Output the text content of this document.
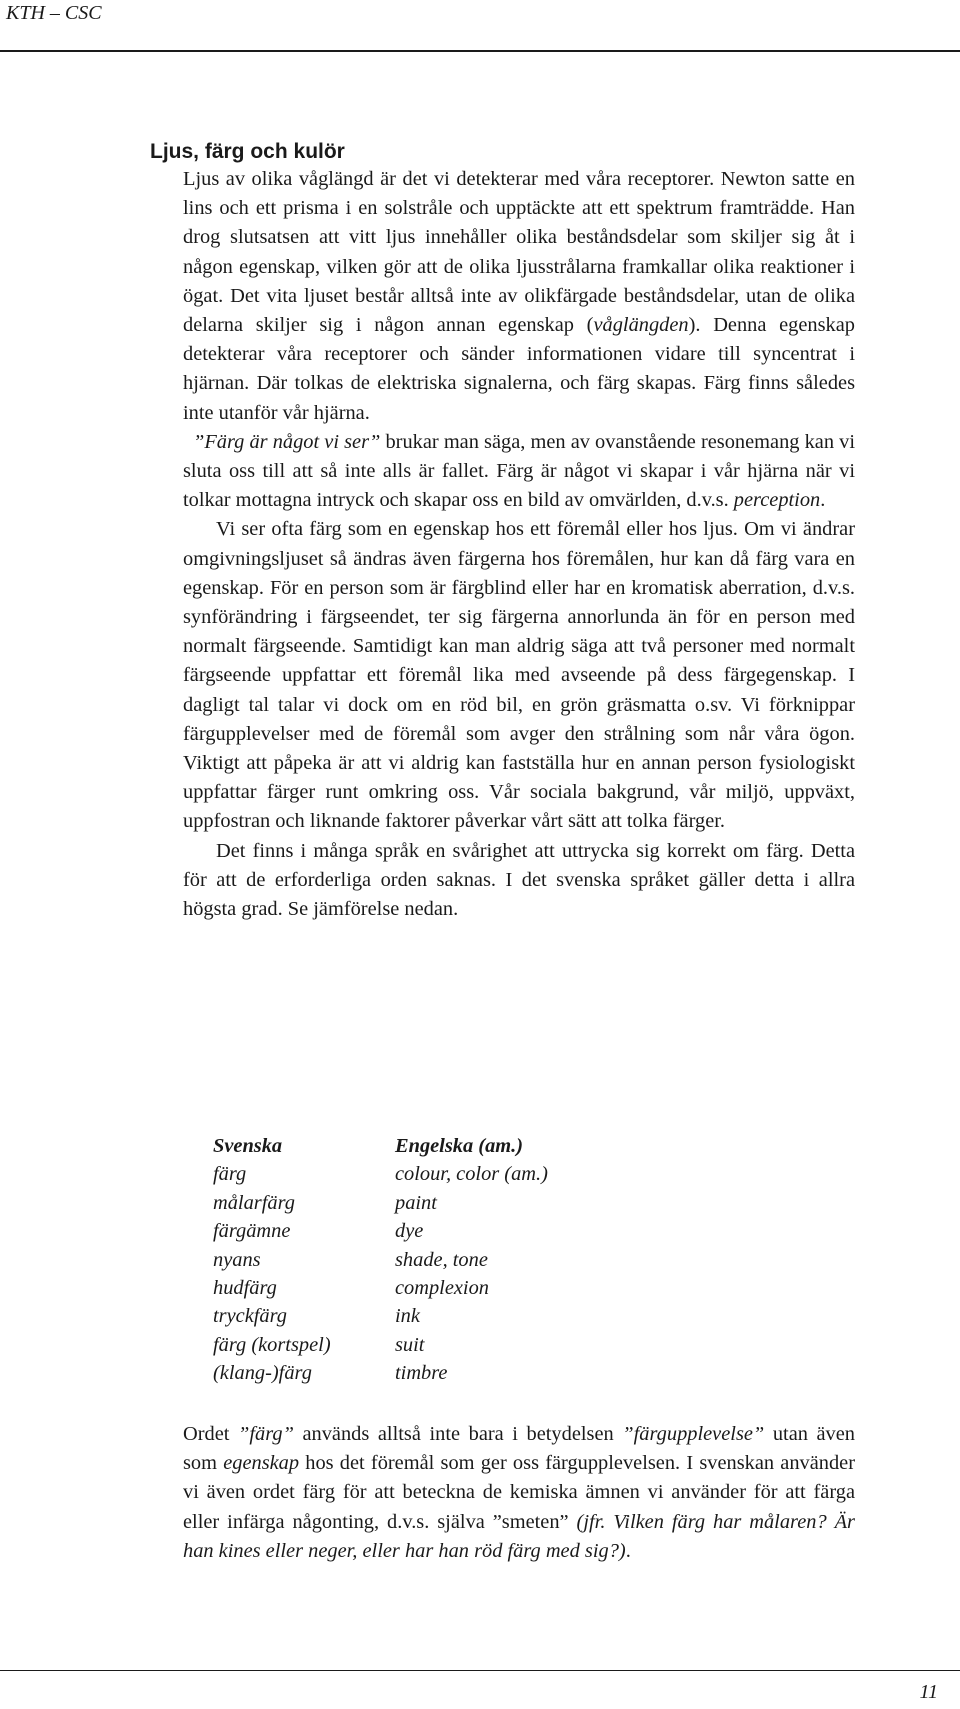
KTH – CSC
Ljus, färg och kulör

Ljus av olika våglängd är det vi detekterar med våra receptorer. Newton satte en lins och ett prisma i en solstråle och upptäckte att ett spektrum framträdde. Han drog slutsatsen att vitt ljus innehåller olika beståndsdelar som skiljer sig åt i någon egenskap, vilken gör att de olika ljusstrålarna framkallar olika reaktioner i ögat. Det vita ljuset består alltså inte av olikfärgade beståndsdelar, utan de olika delarna skiljer sig i någon annan egenskap (våglängden). Denna egenskap detekterar våra receptorer och sänder informationen vidare till syncentrat i hjärnan. Där tolkas de elektriska signalerna, och färg skapas. Färg finns således inte utanför vår hjärna.

”Färg är något vi ser” brukar man säga, men av ovanstående resonemang kan vi sluta oss till att så inte alls är fallet. Färg är något vi skapar i vår hjärna när vi tolkar mottagna intryck och skapar oss en bild av omvärlden, d.v.s. perception.

Vi ser ofta färg som en egenskap hos ett föremål eller hos ljus. Om vi ändrar omgivningsljuset så ändras även färgerna hos föremålen, hur kan då färg vara en egenskap. För en person som är färgblind eller har en kromatisk aberration, d.v.s. synförändring i färgseendet, ter sig färgerna annorlunda än för en person med normalt färgseende. Samtidigt kan man aldrig säga att två personer med normalt färgseende uppfattar ett föremål lika med avseende på dess färgegenskap. I dagligt tal talar vi dock om en röd bil, en grön gräsmatta o.sv. Vi förknippar färgupplevelser med de föremål som avger den strålning som når våra ögon. Viktigt att påpeka är att vi aldrig kan fastställa hur en annan person fysiologiskt uppfattar färger runt omkring oss. Vår sociala bakgrund, vår miljö, uppväxt, uppfostran och liknande faktorer påverkar vårt sätt att tolka färger.

Det finns i många språk en svårighet att uttrycka sig korrekt om färg. Detta för att de erforderliga orden saknas. I det svenska språket gäller detta i allra högsta grad. Se jämförelse nedan.

Svenska	Engelska (am.)
färg	colour, color (am.)
målarfärg	paint
färgämne	dye
nyans	shade, tone
hudfärg	complexion
tryckfärg	ink
färg (kortspel)	suit
(klang-)färg	timbre

Ordet ”färg” används alltså inte bara i betydelsen ”färgupplevelse” utan även som egenskap hos det föremål som ger oss färgupplevelsen. I svenskan använder vi även ordet färg för att beteckna de kemiska ämnen vi använder för att färga eller infärga någonting, d.v.s. själva ”smeten” (jfr. Vilken färg har målaren? Är han kines eller neger, eller har han röd färg med sig?).

11
